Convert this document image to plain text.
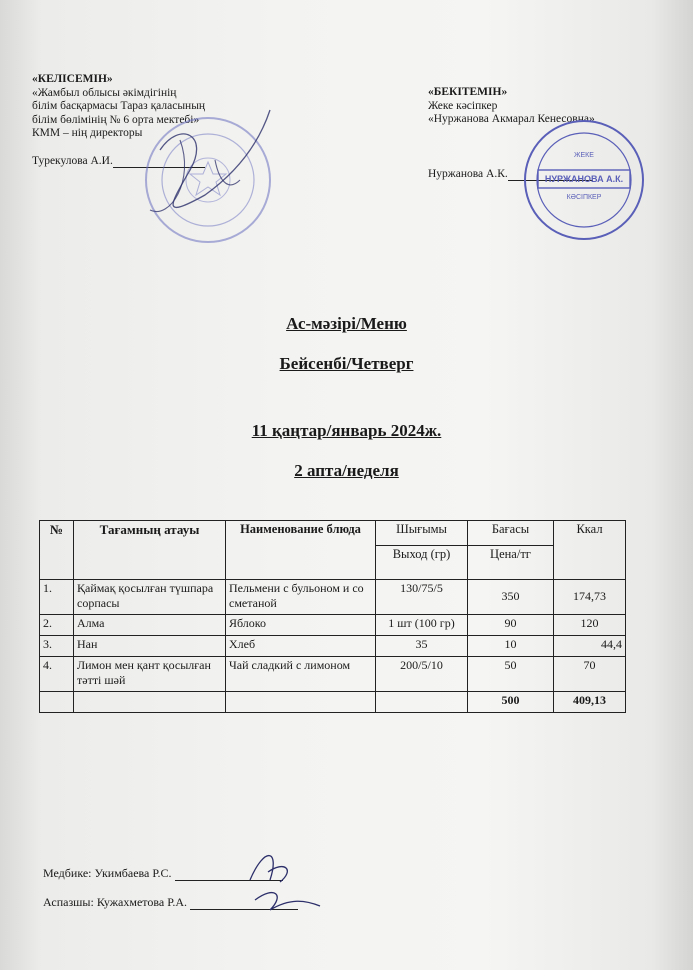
«КЕЛІСЕМІН»
«Жамбыл облысы әкімдігінің
білім басқармасы Тараз қаласының
білім бөлімінің № 6 орта мектебі»
КММ – нің директоры
Турекулова А.И.
«БЕКІТЕМІН»
Жеке кәсіпкер
«Нуржанова Акмарал Кенесовна»
Нуржанова А.К.
ЖЕКЕ
НУРЖАНОВА А.К.
КӘСІПКЕР
Ас-мәзірі/Меню
Бейсенбі/Четверг
11 қаңтар/январь 2024ж.
2 апта/неделя
№	Тағамның атауы	Наименование блюда	Шығымы	Бағасы	Ккал
			Выход (гр)	Цена/тг	
1.	Қаймақ қосылған түшпара сорпасы	Пельмени с бульоном и со сметаной	130/75/5	350	174,73
2.	Алма	Яблоко	1 шт (100 гр)	90	120
3.	Нан	Хлеб	35	10	44,4
4.	Лимон мен қант қосылған тәтті шәй	Чай сладкий с лимоном	200/5/10	50	70
				500	409,13
Медбике: Укимбаева Р.С.
Аспазшы: Кужахметова Р.А.
